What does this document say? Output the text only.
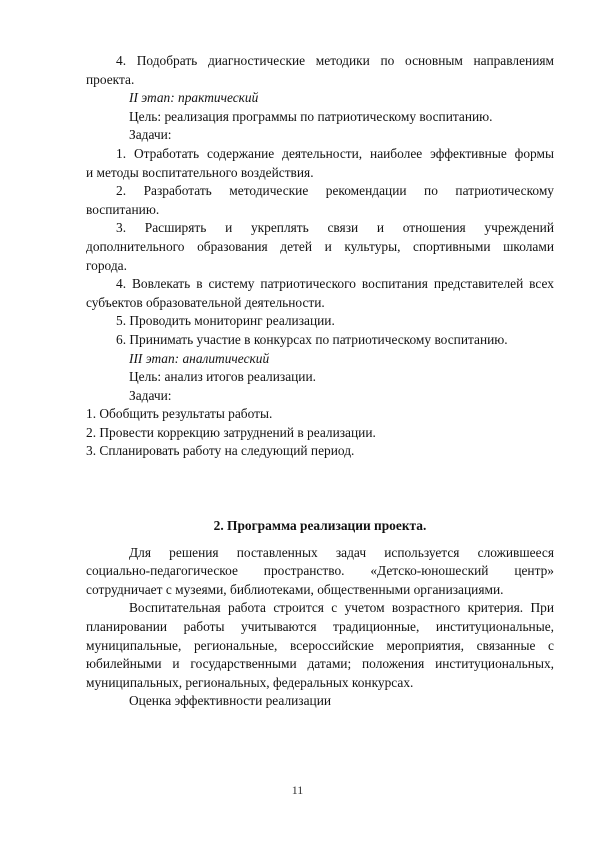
4. Подобрать диагностические методики по основным направлениям

проекта.

II этап: практический

Цель: реализация программы по патриотическому воспитанию.

Задачи:

1. Отработать содержание деятельности, наиболее эффективные формы

и методы воспитательного воздействия.

2. Разработать методические рекомендации по патриотическому

воспитанию.

3. Расширять и укреплять связи и отношения учреждений

дополнительного образования детей и культуры, спортивными школами

города.

4. Вовлекать в систему патриотического воспитания представителей всех

субъектов образовательной деятельности.

5. Проводить мониторинг реализации.

6. Принимать участие в конкурсах по патриотическому воспитанию.

III этап: аналитический

Цель: анализ итогов реализации.

Задачи:

1. Обобщить результаты работы.

2. Провести коррекцию затруднений в реализации.

3. Спланировать работу на следующий период.

2. Программа реализации проекта.

Для решения поставленных задач используется сложившееся

социально-педагогическое пространство. «Детско-юношеский центр»

сотрудничает с музеями, библиотеками, общественными организациями.

Воспитательная работа строится с учетом возрастного критерия. При

планировании работы учитываются традиционные, институциональные,

муниципальные, региональные, всероссийские мероприятия, связанные с

юбилейными и государственными датами; положения институциональных,

муниципальных, региональных, федеральных конкурсах.

Оценка эффективности реализации

11
